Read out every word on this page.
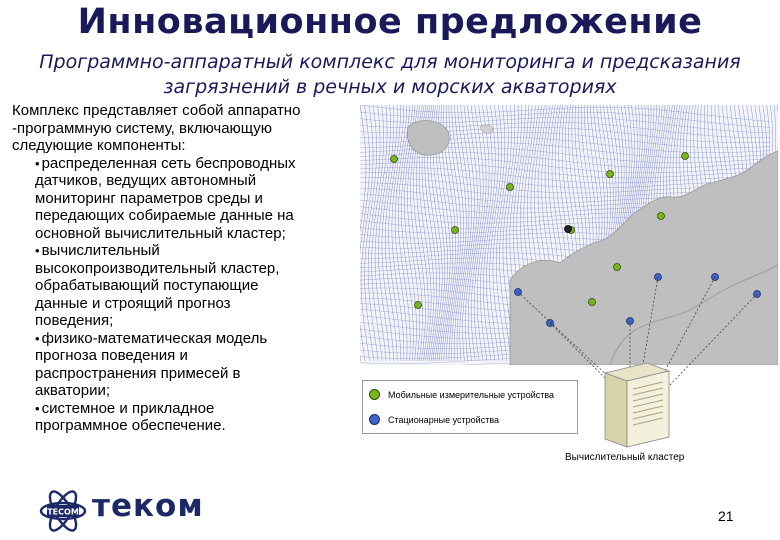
Инновационное предложение
Программно-аппаратный комплекс для мониторинга и предсказания
загрязнений в речных и морских акваториях
Комплекс представляет собой аппаратно
-программную систему, включающую
следующие компоненты:
• распределенная сеть беспроводных
датчиков, ведущих автономный
мониторинг параметров среды и
передающих собираемые данные на
основной вычислительный кластер;
• вычислительный
высокопроизводительный кластер,
обрабатывающий поступающие
данные и строящий прогноз
поведения;
• физико-математическая модель
прогноза поведения и
распространения примесей в
акватории;
• системное и прикладное
программное обеспечение.
Мобильные измерительные устройства
Стационарные устройства
Вычислительный кластер
TECOM теком	21
